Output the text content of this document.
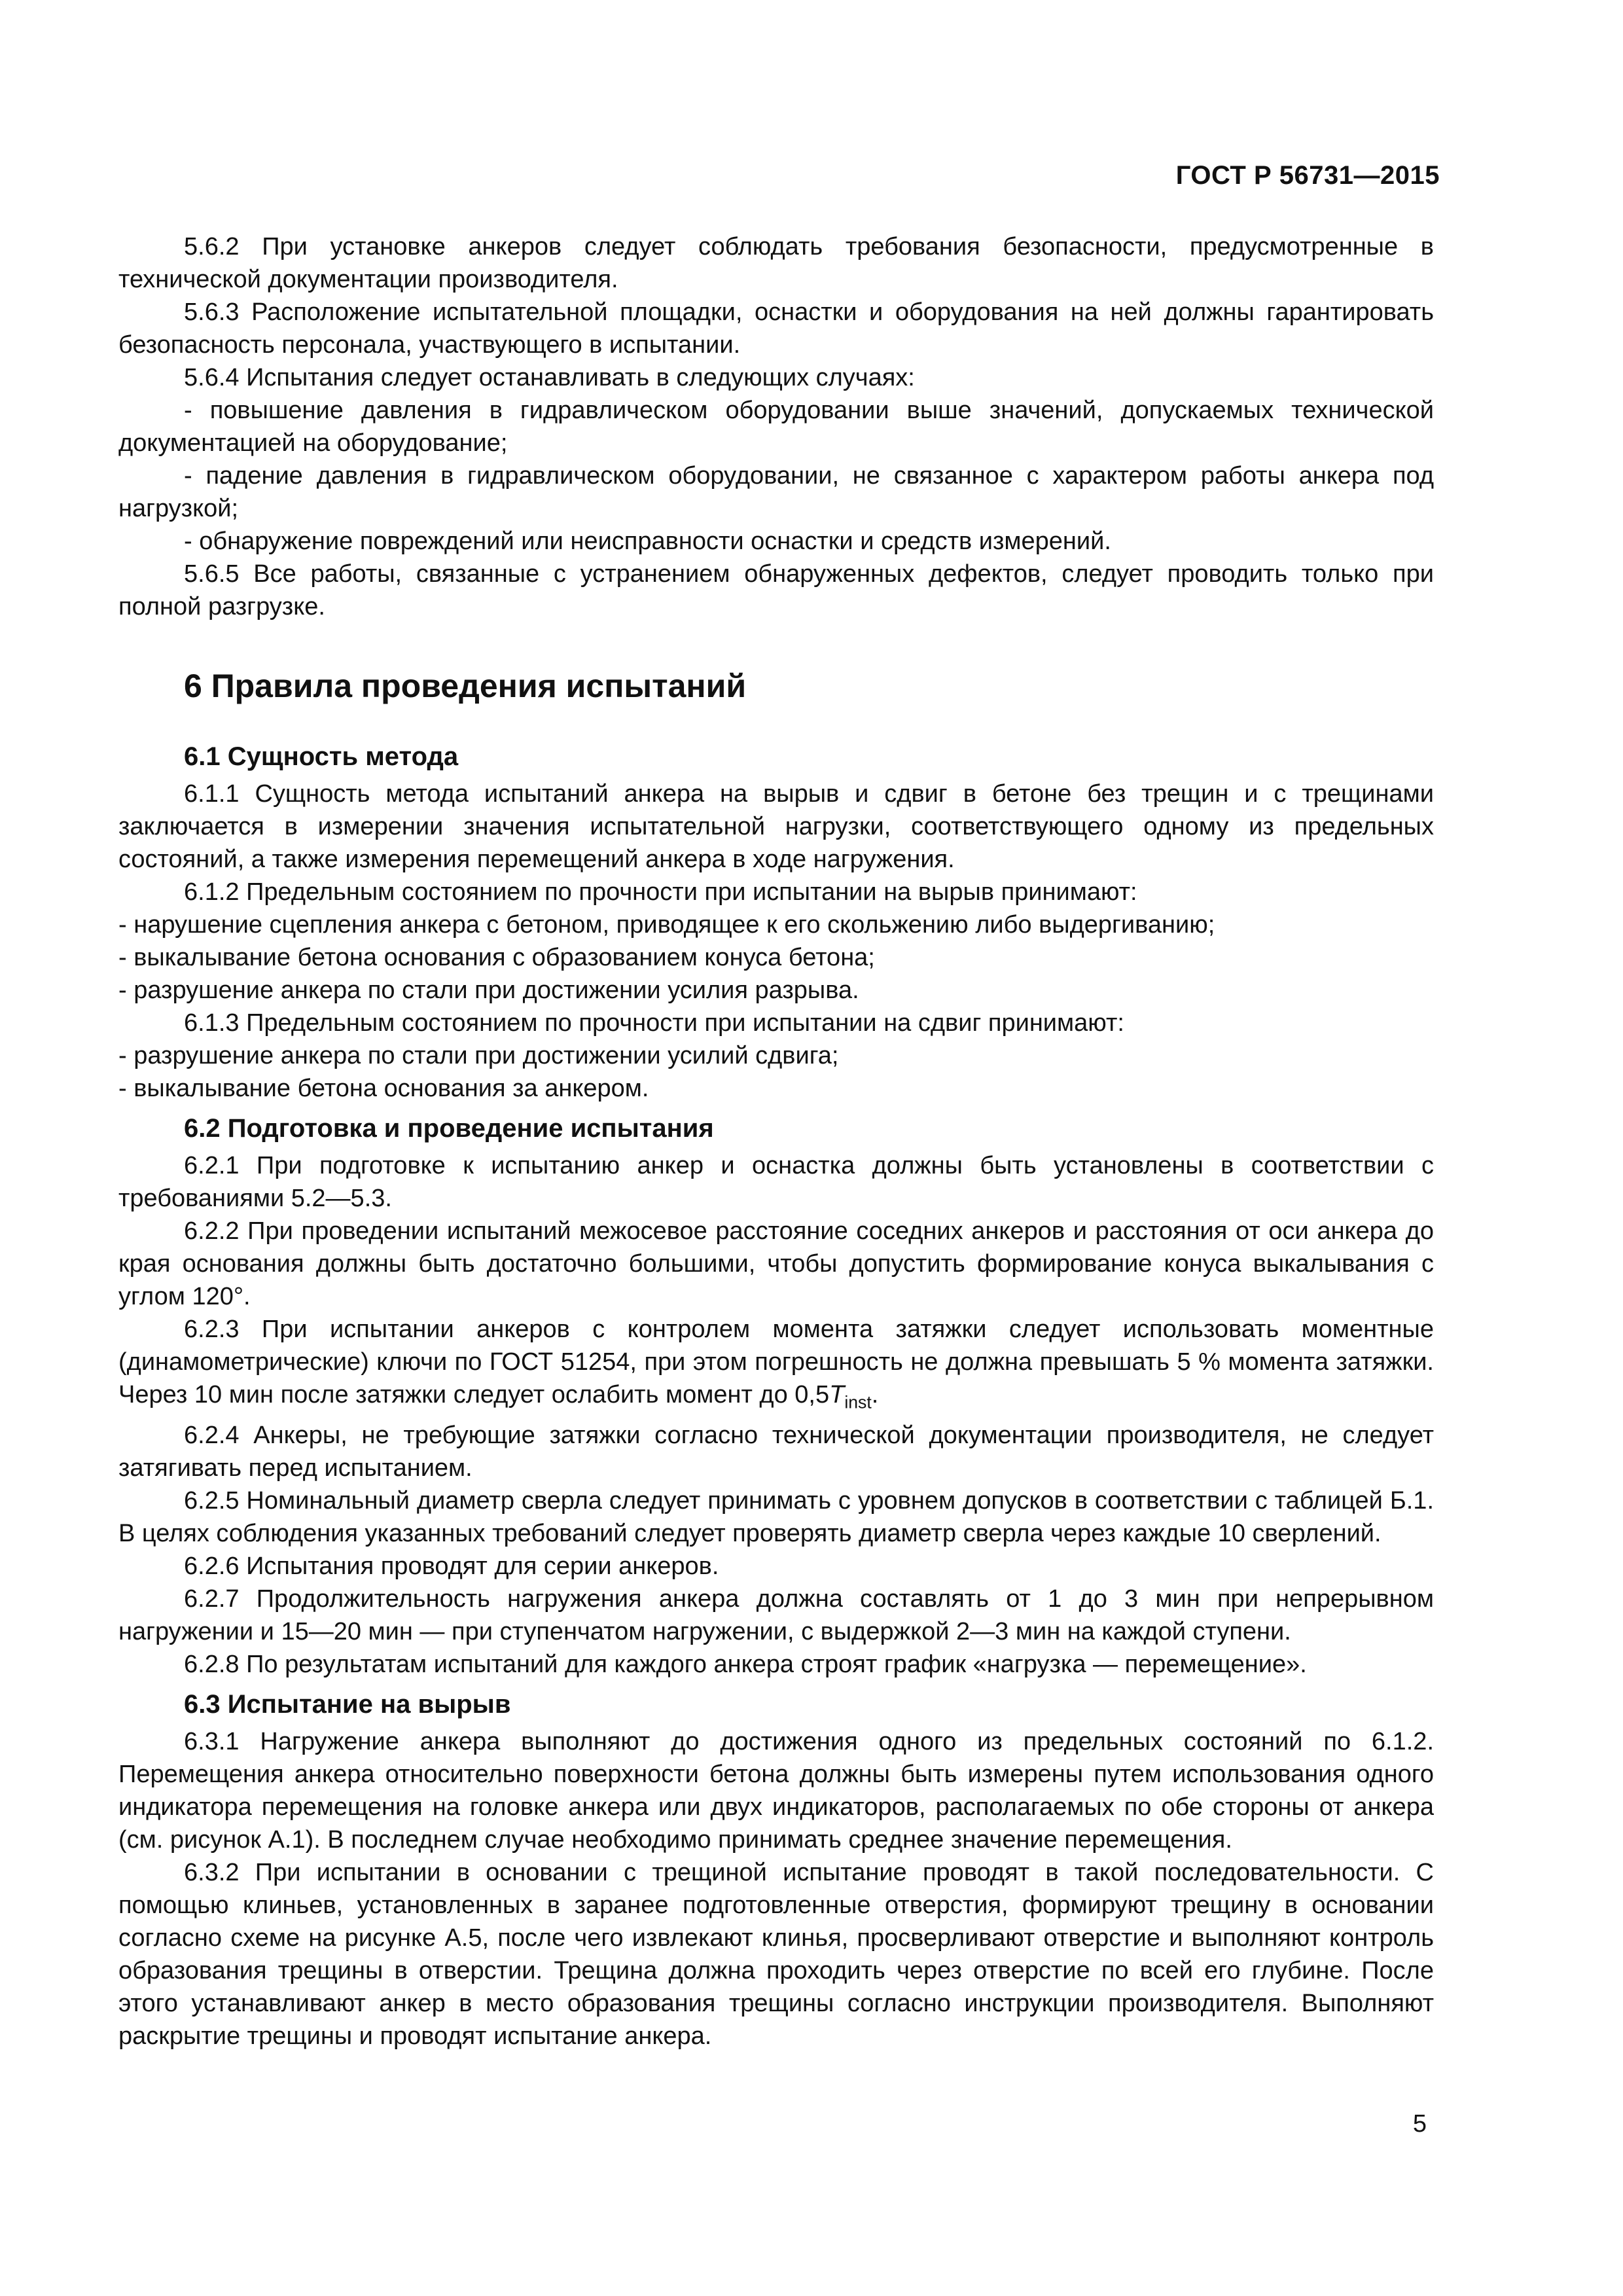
ГОСТ Р 56731—2015

5.6.2 При установке анкеров следует соблюдать требования безопасности, предусмотренные в технической документации производителя.

5.6.3 Расположение испытательной площадки, оснастки и оборудования на ней должны гарантировать безопасность персонала, участвующего в испытании.

5.6.4 Испытания следует останавливать в следующих случаях:

- повышение давления в гидравлическом оборудовании выше значений, допускаемых технической документацией на оборудование;

- падение давления в гидравлическом оборудовании, не связанное с характером работы анкера под нагрузкой;

- обнаружение повреждений или неисправности оснастки и средств измерений.

5.6.5 Все работы, связанные с устранением обнаруженных дефектов, следует проводить только при полной разгрузке.

6 Правила проведения испытаний
6.1 Сущность метода

6.1.1 Сущность метода испытаний анкера на вырыв и сдвиг в бетоне без трещин и с трещинами заключается в измерении значения испытательной нагрузки, соответствующего одному из предельных состояний, а также измерения перемещений анкера в ходе нагружения.

6.1.2 Предельным состоянием по прочности при испытании на вырыв принимают:

- нарушение сцепления анкера с бетоном, приводящее к его скольжению либо выдергиванию;

- выкалывание бетона основания с образованием конуса бетона;

- разрушение анкера по стали при достижении усилия разрыва.

6.1.3 Предельным состоянием по прочности при испытании на сдвиг принимают:

- разрушение анкера по стали при достижении усилий сдвига;

- выкалывание бетона основания за анкером.

6.2 Подготовка и проведение испытания

6.2.1 При подготовке к испытанию анкер и оснастка должны быть установлены в соответствии с требованиями 5.2—5.3.

6.2.2 При проведении испытаний межосевое расстояние соседних анкеров и расстояния от оси анкера до края основания должны быть достаточно большими, чтобы допустить формирование конуса выкалывания с углом 120°.

6.2.3 При испытании анкеров с контролем момента затяжки следует использовать моментные (динамометрические) ключи по ГОСТ 51254, при этом погрешность не должна превышать 5 % момента затяжки. Через 10 мин после затяжки следует ослабить момент до $0,5T_{inst}$.

6.2.4 Анкеры, не требующие затяжки согласно технической документации производителя, не следует затягивать перед испытанием.

6.2.5 Номинальный диаметр сверла следует принимать с уровнем допусков в соответствии с таблицей Б.1. В целях соблюдения указанных требований следует проверять диаметр сверла через каждые 10 сверлений.

6.2.6 Испытания проводят для серии анкеров.

6.2.7 Продолжительность нагружения анкера должна составлять от 1 до 3 мин при непрерывном нагружении и 15—20 мин — при ступенчатом нагружении, с выдержкой 2—3 мин на каждой ступени.

6.2.8 По результатам испытаний для каждого анкера строят график «нагрузка — перемещение».

6.3 Испытание на вырыв

6.3.1 Нагружение анкера выполняют до достижения одного из предельных состояний по 6.1.2. Перемещения анкера относительно поверхности бетона должны быть измерены путем использования одного индикатора перемещения на головке анкера или двух индикаторов, располагаемых по обе стороны от анкера (см. рисунок А.1). В последнем случае необходимо принимать среднее значение перемещения.

6.3.2 При испытании в основании с трещиной испытание проводят в такой последовательности. С помощью клиньев, установленных в заранее подготовленные отверстия, формируют трещину в основании согласно схеме на рисунке А.5, после чего извлекают клинья, просверливают отверстие и выполняют контроль образования трещины в отверстии. Трещина должна проходить через отверстие по всей его глубине. После этого устанавливают анкер в место образования трещины согласно инструкции производителя. Выполняют раскрытие трещины и проводят испытание анкера.

5
